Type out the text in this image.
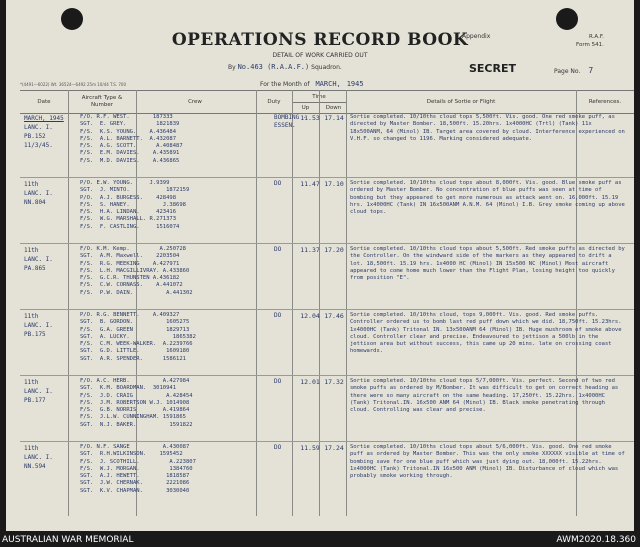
OPERATIONS RECORD BOOK
DETAIL OF WORK CARRIED OUT
By No.463 (R.A.A.F.) Squadron.
For the Month of MARCH, 1945
Appendix	R.A.F.
Form 541.
SECRET	Page No. 7
*(4491—6022) Wt. 36524—6492 25m 10/44 T.S. 700
Date
Aircraft Type & Number
Crew	Duty
Time
Up	Down
Details of Sortie or Flight	References.
MARCH, 1945
LANC. I.
PB.152
11/3/45.
F/O. R.F. WEST.       187333
SGT.  E. GREY.         1821839
F/S.  K.S. YOUNG.    A.436484
F/S.  A.L. BARNETT.  A.432087
F/S.  A.G. SCOTT.      A.408487
F/S.  E.M. DAVIES.    A.435891
F/S.  M.D. DAVIES.    A.436865
BOMBING -
ESSEN.
11.53 17.14	Sortie completed. 10/10ths cloud tops 5,500ft. Vis. good. One red smoke puff, as directed by Master Bomber. 18,500ft. 15.20hrs. 1x4000HC (Trtl) (Tank) 11x 18x500ANM, 64 (Minol) IB. Target area covered by cloud. Interference experienced on V.H.F. so changed to 1196. Marking considered adequate.
11th
LANC. I.
NN.804
P/O. E.W. YOUNG.     J.9399
SGT.  J. MINTO.           1872159
P/O.  A.J. BURGESS.    428498
F/S.  S. HANEY.          J.38698
F/S.  H.A. LINDAN.     423416
F/S.  W.G. MARSHALL. R.271373
F/S.  F. CASTLING.     1516074
DO	11.47 17.10	Sortie completed. 10/10ths cloud tops about 8,000ft. Vis. good. Blue smoke puff as ordered by Master Bomber. No concentration of blue puffs was seen at time of bombing but they appeared to get more numerous as attack went on. 16,000ft. 15.19 hrs. 1x4000HC (Tank) IN 16x500ANM A.N.M. 64 (Minol) I.B. Grey smoke coming up above cloud tops.
11th
LANC. I.
PA.865
F/O. K.M. Kemp.         A.250728
SGT.  A.M. Maxwell.    2203504
F/S.  R.G. MEEKING    A.427971
F/S.  L.H. MACGILLIVRAY. A.433860
F/S.  G.C.R. THUNSTEN A.436182
F/S.  C.W. CORNASS.    A.441072
F/S.  P.W. DAIN.          A.441302
DO	11.37 17.20	Sortie completed. 10/10ths cloud tops about 5,500ft. Red smoke puffs as directed by the Controller. On the windward side of the markers as they appeared to drift a lot. 18,500ft. 15.19 hrs. 1x4000 HC (Minol) IN 15x500 NC (Minol) Most aircraft appeared to come home much lower than the Flight Plan, losing height too quickly from position "E".
11th
LANC. I.
PB.175
P/O. R.G. BENNETT.    A.409327
SGT.  B. GORDON.          1605275
F/S.  G.A. GREEN          1829713
SGT.  A. LUCKY.             1865382
F/S.  C.M. WEEK-WALKER.  A.2239766
SGT.  G.D. LITTLE.        1609180
SGT.  A.R. SPENDER.      1586121
DO	12.04 17.46	Sortie completed. 10/10ths cloud, tops 9,000ft. Vis. good. Red smoke puffs. Controller ordered us to bomb last red puff down which we did. 18,750ft. 15.23hrs. 1x4000HC (Tank) Tritonal IN. 13x500ANM 64 (Minol) IB. Huge mushroom of smoke above cloud. Controller clear and precise. Endeavoured to jettison a 500lb in the jettison area but without success, this came up 20 mins. late on crossing coast homewards.
11th
LANC. I.
PB.177
F/O. A.C. HERB.          A.427984
SGT.  K.M. BOARDMAN.  3010941
F/S.  J.D. CRAIG          A.428454
F/S.  J.M. ROBERTSON W.J. 1014908
F/S.  G.B. NORRIS        A.419864
F/S.  J.L.W. CUNNINGHAM. 1591865
SGT.  N.J. BAKER.          1591822
DO	12.01 17.32	Sortie completed. 10/10ths cloud tops 5/7,000ft. Vis. perfect. Second of two red smoke puffs as ordered by M/Bomber. It was difficult to get on correct heading as there were so many aircraft on the same heading. 17,250ft. 15.22hrs. 1x4000HC (Tank) Tritonal.IN. 16x500 ANM 64 (Minol) IB. Black smoke penetrating through cloud. Controlling was clear and precise.
11th
LANC. I.
NN.594
F/O. N.F. SANGE          A.430087
SGT.  R.H.WILKINSON.    1595452
F/S.  J. SCOTHILL.         A.223807
F/S.  W.J. MORGAN.         1384760
SGT.  A.J. HEWETT.        1818587
SGT.  J.W. CHERNAK.       2221086
SGT.  K.V. CHAPMAN.       3030040
DO	11.59 17.24	Sortie completed. 10/10ths cloud tops about 5/6,000ft. Vis. good. One red smoke puff as ordered by Master Bomber. This was the only smoke XXXXXX visible at time of bombing save for one blue puff which was just dying out. 18,000ft. 15.22hrs. 1x4000HC (Tank) Tritonal.IN 16x500 ANM (Minol) IB. Disturbance of cloud which was probably smoke working through.
AUSTRALIAN WAR MEMORIAL	AWM2020.18.360
